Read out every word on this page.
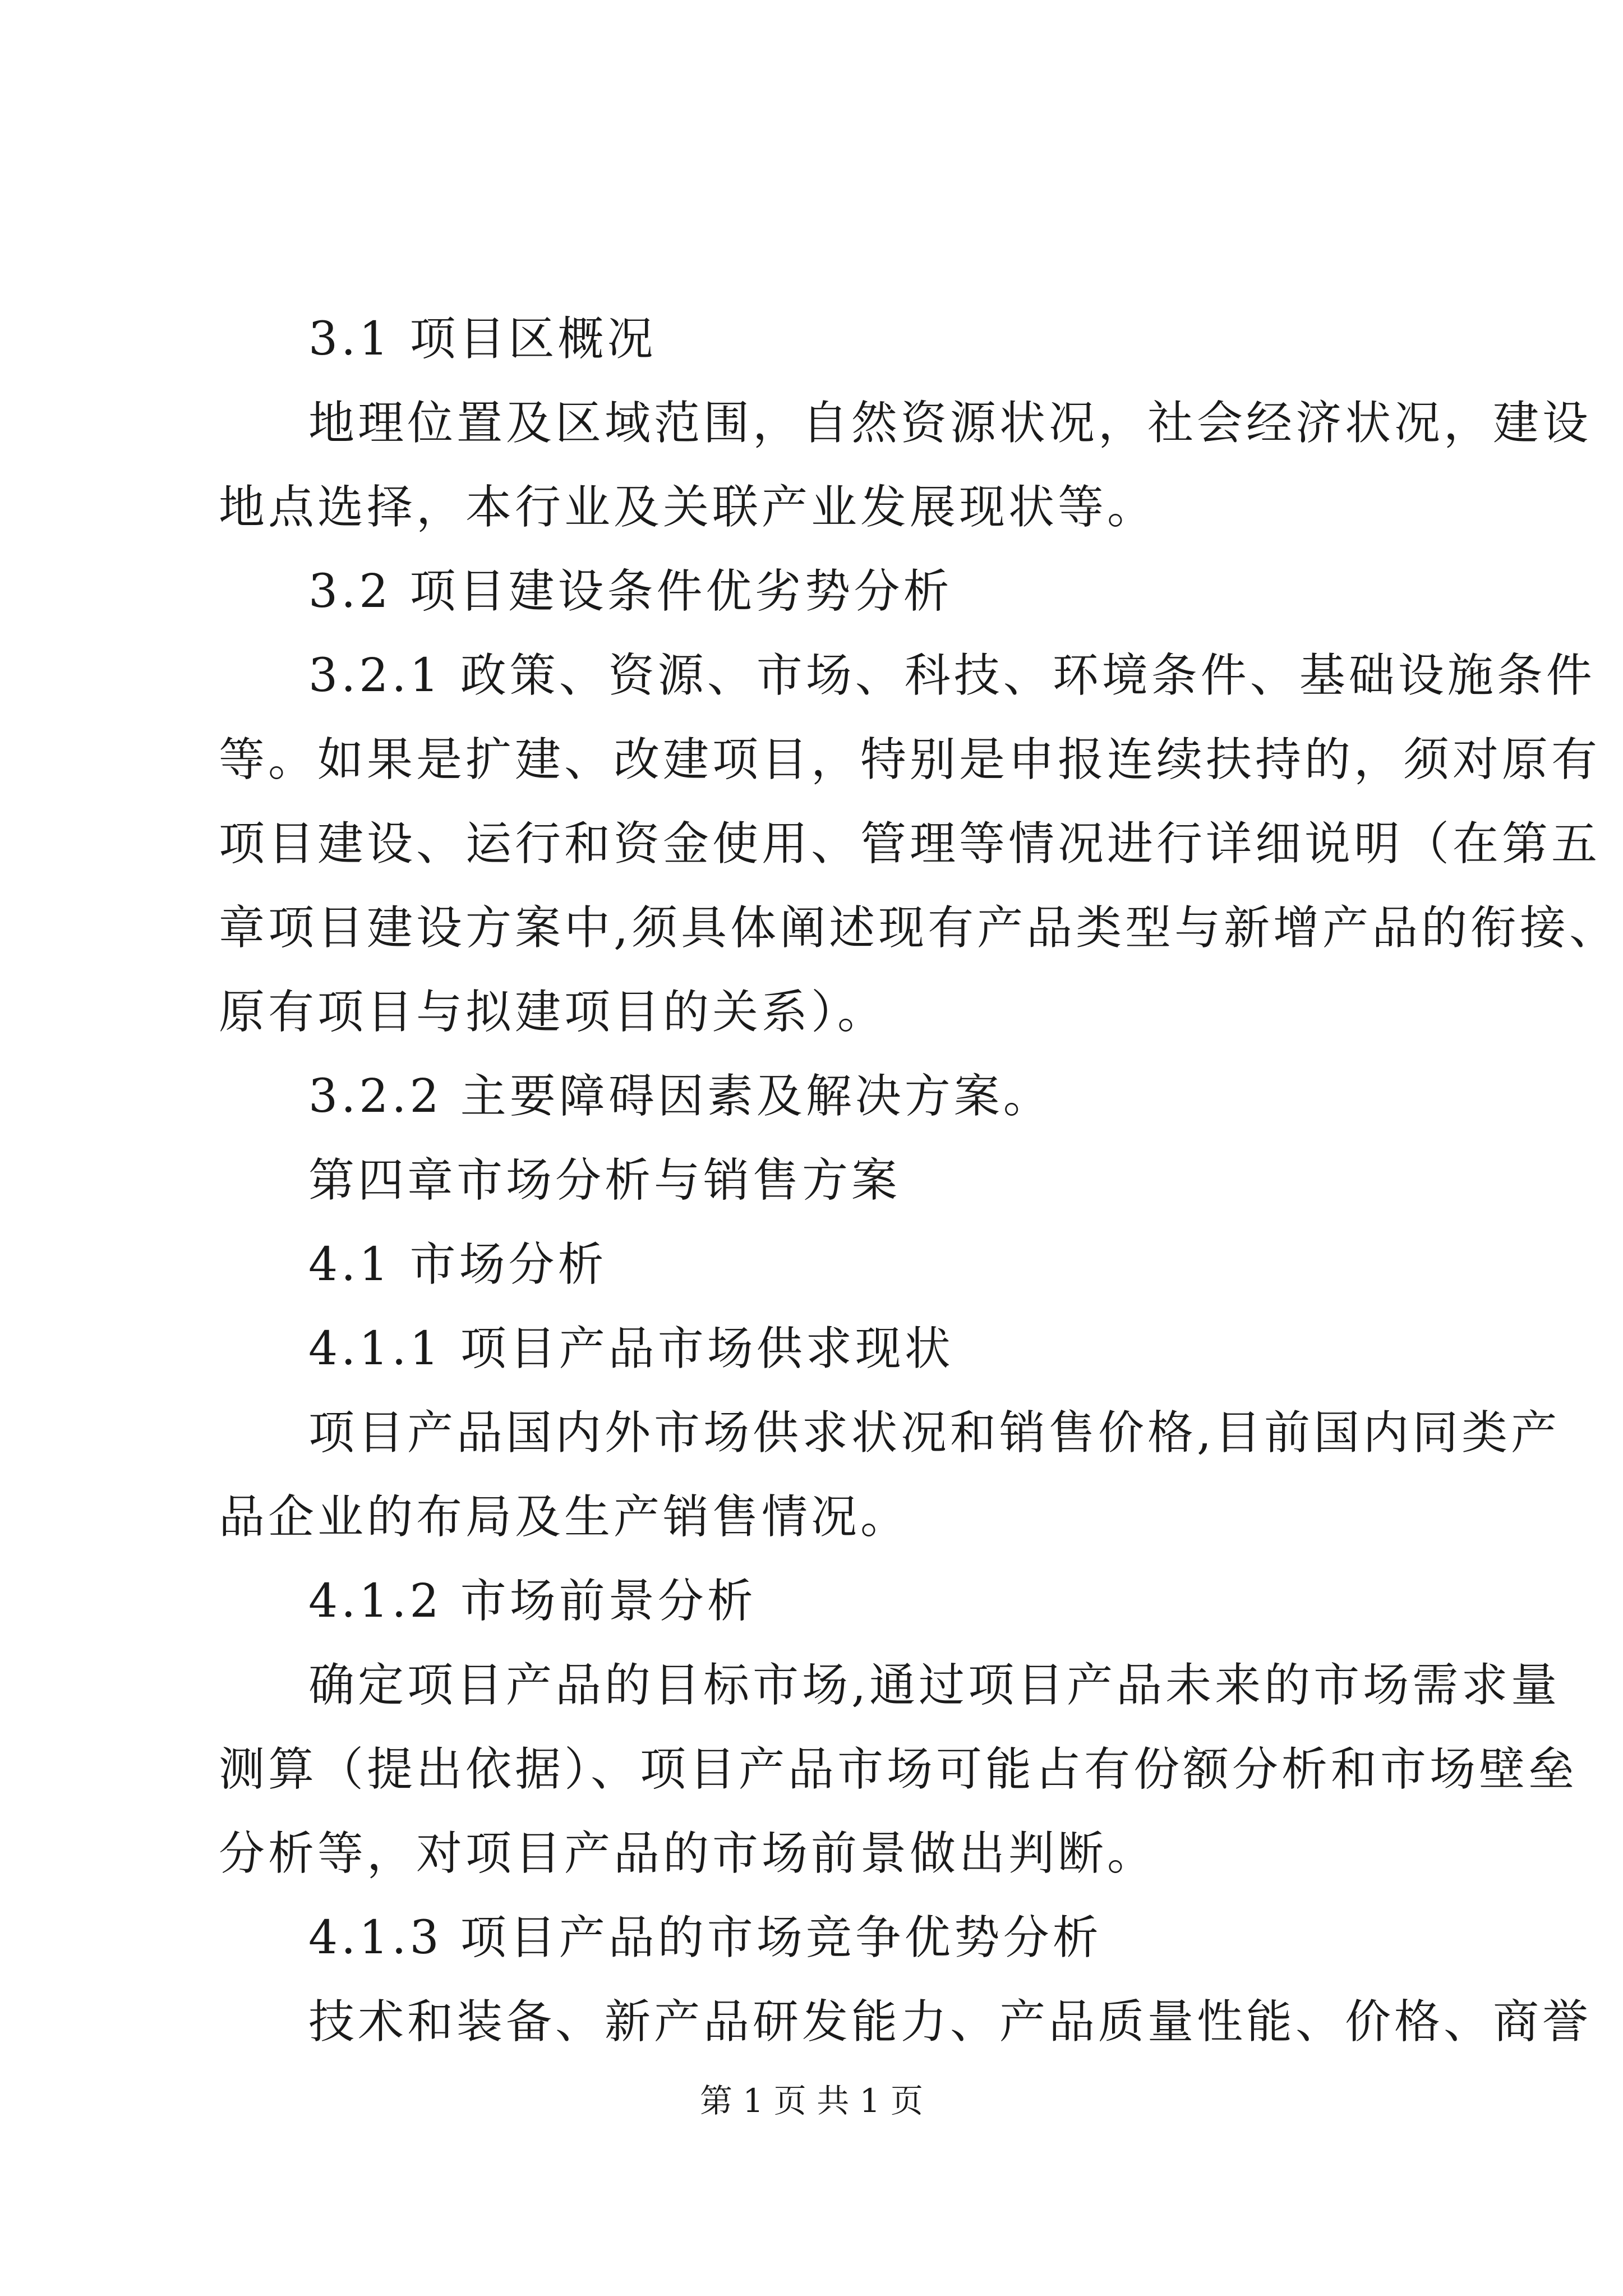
3.1 项目区概况
地理位置及区域范围，自然资源状况，社会经济状况，建设
地点选择，本行业及关联产业发展现状等。
3.2 项目建设条件优劣势分析
3.2.1 政策、资源、市场、科技、环境条件、基础设施条件
等。如果是扩建、改建项目，特别是申报连续扶持的，须对原有
项目建设、运行和资金使用、管理等情况进行详细说明（在第五
章项目建设方案中,须具体阐述现有产品类型与新增产品的衔接、
原有项目与拟建项目的关系）。
3.2.2 主要障碍因素及解决方案。
第四章市场分析与销售方案
4.1 市场分析
4.1.1 项目产品市场供求现状
项目产品国内外市场供求状况和销售价格,目前国内同类产
品企业的布局及生产销售情况。
4.1.2 市场前景分析
确定项目产品的目标市场,通过项目产品未来的市场需求量
测算（提出依据）、项目产品市场可能占有份额分析和市场壁垒
分析等，对项目产品的市场前景做出判断。
4.1.3 项目产品的市场竞争优势分析
技术和装备、新产品研发能力、产品质量性能、价格、商誉
第 1 页 共 1 页
